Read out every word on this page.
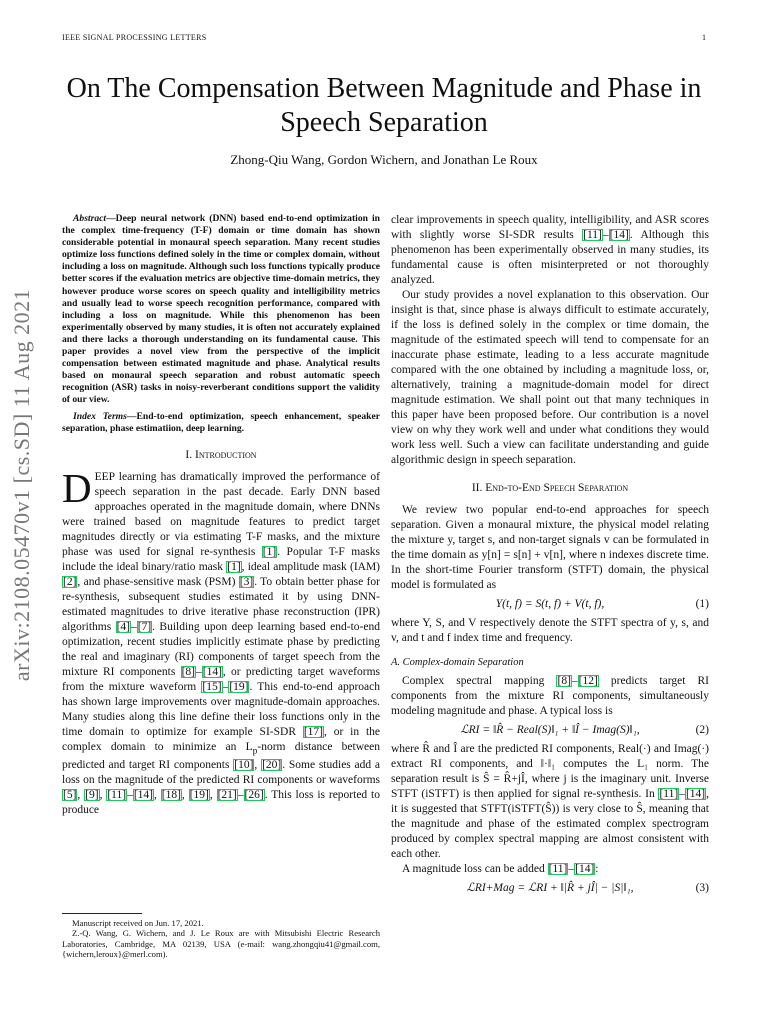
IEEE SIGNAL PROCESSING LETTERS	1
arXiv:2108.05470v1 [cs.SD] 11 Aug 2021
On The Compensation Between Magnitude and Phase in Speech Separation
Zhong-Qiu Wang, Gordon Wichern, and Jonathan Le Roux

Abstract—Deep neural network (DNN) based end-to-end optimization in the complex time-frequency (T-F) domain or time domain has shown considerable potential in monaural speech separation. Many recent studies optimize loss functions defined solely in the time or complex domain, without including a loss on magnitude. Although such loss functions typically produce better scores if the evaluation metrics are objective time-domain metrics, they however produce worse scores on speech quality and intelligibility metrics and usually lead to worse speech recognition performance, compared with including a loss on magnitude. While this phenomenon has been experimentally observed by many studies, it is often not accurately explained and there lacks a thorough understanding on its fundamental cause. This paper provides a novel view from the perspective of the implicit compensation between estimated magnitude and phase. Analytical results based on monaural speech separation and robust automatic speech recognition (ASR) tasks in noisy-reverberant conditions support the validity of our view.

Index Terms—End-to-end optimization, speech enhancement, speaker separation, phase estimatiion, deep learning.

I. Introduction

DEEP learning has dramatically improved the performance of speech separation in the past decade. Early DNN based approaches operated in the magnitude domain, where DNNs were trained based on magnitude features to predict target magnitudes directly or via estimating T-F masks, and the mixture phase was used for signal re-synthesis [1]. Popular T-F masks include the ideal binary/ratio mask [1], ideal amplitude mask (IAM) [2], and phase-sensitive mask (PSM) [3]. To obtain better phase for re-synthesis, subsequent studies estimated it by using DNN-estimated magnitudes to drive iterative phase reconstruction (IPR) algorithms [4]–[7]. Building upon deep learning based end-to-end optimization, recent studies implicitly estimate phase by predicting the real and imaginary (RI) components of target speech from the mixture RI components [8]–[14], or predicting target waveforms from the mixture waveform [15]–[19]. This end-to-end approach has shown large improvements over magnitude-domain approaches. Many studies along this line define their loss functions only in the time domain to optimize for example SI-SDR [17], or in the complex domain to minimize an $L_p$-norm distance between predicted and target RI components [10], [20]. Some studies add a loss on the magnitude of the predicted RI components or waveforms [5], [9], [11]–[14], [18], [19], [21]–[26]. This loss is reported to produce

Manuscript received on Jun. 17, 2021.

Z.-Q. Wang, G. Wichern, and J. Le Roux are with Mitsubishi Electric Research Laboratories, Cambridge, MA 02139, USA (e-mail: wang.zhongqiu41@gmail.com, {wichern,leroux}@merl.com).

clear improvements in speech quality, intelligibility, and ASR scores with slightly worse SI-SDR results [11]–[14]. Although this phenomenon has been experimentally observed in many studies, its fundamental cause is often misinterpreted or not thoroughly analyzed.

Our study provides a novel explanation to this observation. Our insight is that, since phase is always difficult to estimate accurately, if the loss is defined solely in the complex or time domain, the magnitude of the estimated speech will tend to compensate for an inaccurate phase estimate, leading to a less accurate magnitude compared with the one obtained by including a magnitude loss, or, alternatively, training a magnitude-domain model for direct magnitude estimation. We shall point out that many techniques in this paper have been proposed before. Our contribution is a novel view on why they work well and under what conditions they would work less well. Such a view can facilitate understanding and guide algorithmic design in speech separation.

II. End-to-End Speech Separation

We review two popular end-to-end approaches for speech separation. Given a monaural mixture, the physical model relating the mixture y, target s, and non-target signals v can be formulated in the time domain as y[n] = s[n] + v[n], where n indexes discrete time. In the short-time Fourier transform (STFT) domain, the physical model is formulated as

Y(t, f) = S(t, f) + V(t, f),	(1)

where Y, S, and V respectively denote the STFT spectra of y, s, and v, and t and f index time and frequency.

A. Complex-domain Separation

Complex spectral mapping [8]–[12] predicts target RI components from the mixture RI components, simultaneously modeling magnitude and phase. A typical loss is

ℒRI = ‖R̂ − Real(S)‖₁ + ‖Î − Imag(S)‖₁,	(2)

where R̂ and Î are the predicted RI components, Real(·) and Imag(·) extract RI components, and ‖·‖₁ computes the L₁ norm. The separation result is Ŝ = R̂+jÎ, where j is the imaginary unit. Inverse STFT (iSTFT) is then applied for signal re-synthesis. In [11]–[14], it is suggested that STFT(iSTFT(Ŝ)) is very close to Ŝ, meaning that the magnitude and phase of the estimated complex spectrogram produced by complex spectral mapping are almost consistent with each other.

A magnitude loss can be added [11]–[14]:

ℒRI+Mag = ℒRI + ‖|R̂ + jÎ| − |S|‖₁,	(3)
